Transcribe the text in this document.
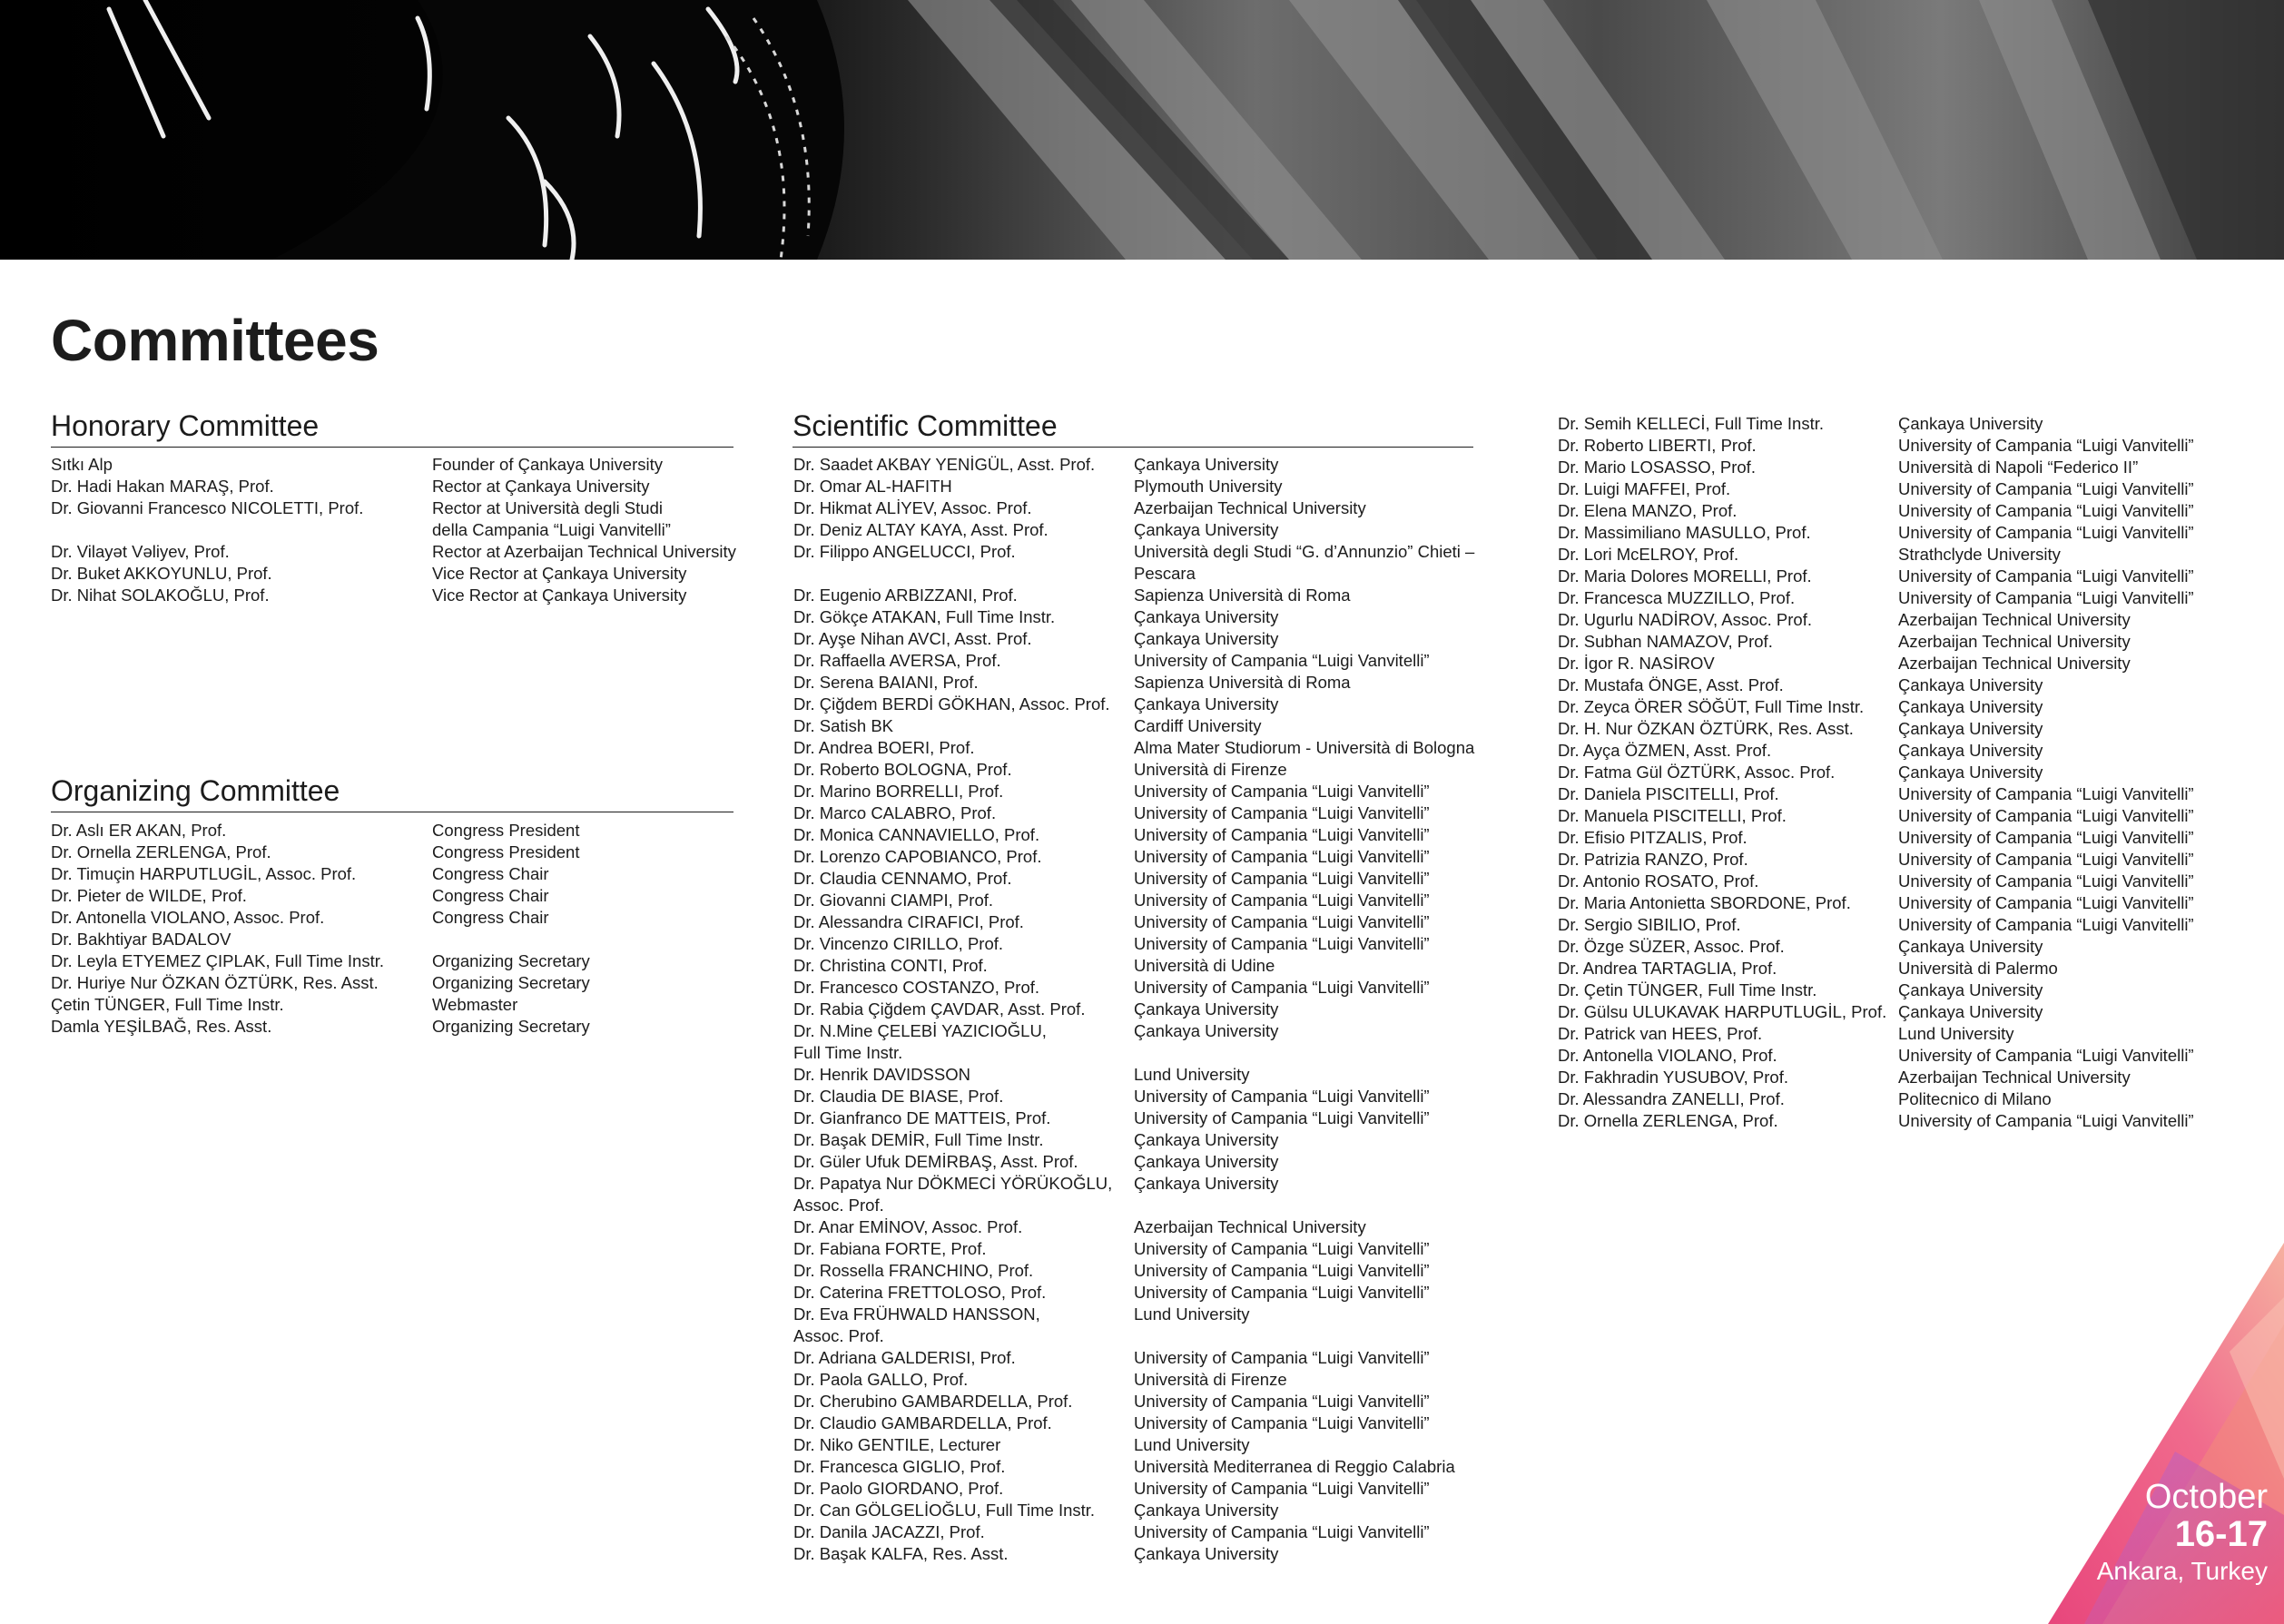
Committees
Honorary Committee
Sıtkı Alp	Founder of Çankaya University
Dr. Hadi Hakan MARAŞ, Prof.	Rector at Çankaya University
Dr. Giovanni Francesco NICOLETTI, Prof.	Rector at Università degli Studi
della Campania “Luigi Vanvitelli”
Dr. Vilayət Vəliyev, Prof.	Rector at Azerbaijan Technical University
Dr. Buket AKKOYUNLU, Prof.	Vice Rector at Çankaya University
Dr. Nihat SOLAKOĞLU, Prof.	Vice Rector at Çankaya University
Organizing Committee
Dr. Aslı ER AKAN, Prof.	Congress President
Dr. Ornella ZERLENGA, Prof.	Congress President
Dr. Timuçin HARPUTLUGİL, Assoc. Prof.	Congress Chair
Dr. Pieter de WILDE, Prof.	Congress Chair
Dr. Antonella VIOLANO, Assoc. Prof.	Congress Chair
Dr. Bakhtiyar BADALOV
Dr. Leyla ETYEMEZ ÇIPLAK, Full Time Instr.	Organizing Secretary
Dr. Huriye Nur ÖZKAN ÖZTÜRK, Res. Asst.	Organizing Secretary
Çetin TÜNGER, Full Time Instr.	Webmaster
Damla YEŞİLBAĞ, Res. Asst.	Organizing Secretary
Scientific Committee
Dr. Saadet AKBAY YENİGÜL, Asst. Prof.	Çankaya University
Dr. Omar AL-HAFITH	Plymouth University
Dr. Hikmat ALİYEV, Assoc. Prof.	Azerbaijan Technical University
Dr. Deniz ALTAY KAYA, Asst. Prof.	Çankaya University
Dr. Filippo ANGELUCCI, Prof.	Università degli Studi “G. d’Annunzio” Chieti –
Pescara
Dr. Eugenio ARBIZZANI, Prof.	Sapienza Università di Roma
Dr. Gökçe ATAKAN, Full Time Instr.	Çankaya University
Dr. Ayşe Nihan AVCI, Asst. Prof.	Çankaya University
Dr. Raffaella AVERSA, Prof.	University of Campania “Luigi Vanvitelli”
Dr. Serena BAIANI, Prof.	Sapienza Università di Roma
Dr. Çiğdem BERDİ GÖKHAN, Assoc. Prof.	Çankaya University
Dr. Satish BK	Cardiff University
Dr. Andrea BOERI, Prof.	Alma Mater Studiorum - Università di Bologna
Dr. Roberto BOLOGNA, Prof.	Università di Firenze
Dr. Marino BORRELLI, Prof.	University of Campania “Luigi Vanvitelli”
Dr. Marco CALABRO, Prof.	University of Campania “Luigi Vanvitelli”
Dr. Monica CANNAVIELLO, Prof.	University of Campania “Luigi Vanvitelli”
Dr. Lorenzo CAPOBIANCO, Prof.	University of Campania “Luigi Vanvitelli”
Dr. Claudia CENNAMO, Prof.	University of Campania “Luigi Vanvitelli”
Dr. Giovanni CIAMPI, Prof.	University of Campania “Luigi Vanvitelli”
Dr. Alessandra CIRAFICI, Prof.	University of Campania “Luigi Vanvitelli”
Dr. Vincenzo CIRILLO, Prof.	University of Campania “Luigi Vanvitelli”
Dr. Christina CONTI, Prof.	Università di Udine
Dr. Francesco COSTANZO, Prof.	University of Campania “Luigi Vanvitelli”
Dr. Rabia Çiğdem ÇAVDAR, Asst. Prof.	Çankaya University
Dr. N.Mine ÇELEBİ YAZICIOĞLU,	Çankaya University
Full Time Instr.
Dr. Henrik DAVIDSSON	Lund University
Dr. Claudia DE BIASE, Prof.	University of Campania “Luigi Vanvitelli”
Dr. Gianfranco DE MATTEIS, Prof.	University of Campania “Luigi Vanvitelli”
Dr. Başak DEMİR, Full Time Instr.	Çankaya University
Dr. Güler Ufuk DEMİRBAŞ, Asst. Prof.	Çankaya University
Dr. Papatya Nur DÖKMECİ YÖRÜKOĞLU,	Çankaya University
Assoc. Prof.
Dr. Anar EMİNOV, Assoc. Prof.	Azerbaijan Technical University
Dr. Fabiana FORTE, Prof.	University of Campania “Luigi Vanvitelli”
Dr. Rossella FRANCHINO, Prof.	University of Campania “Luigi Vanvitelli”
Dr. Caterina FRETTOLOSO, Prof.	University of Campania “Luigi Vanvitelli”
Dr. Eva FRÜHWALD HANSSON,	Lund University
Assoc. Prof.
Dr. Adriana GALDERISI, Prof.	University of Campania “Luigi Vanvitelli”
Dr. Paola GALLO, Prof.	Università di Firenze
Dr. Cherubino GAMBARDELLA, Prof.	University of Campania “Luigi Vanvitelli”
Dr. Claudio GAMBARDELLA, Prof.	University of Campania “Luigi Vanvitelli”
Dr. Niko GENTILE, Lecturer	Lund University
Dr. Francesca GIGLIO, Prof.	Università Mediterranea di Reggio Calabria
Dr. Paolo GIORDANO, Prof.	University of Campania “Luigi Vanvitelli”
Dr. Can GÖLGELİOĞLU, Full Time Instr.	Çankaya University
Dr. Danila JACAZZI, Prof.	University of Campania “Luigi Vanvitelli”
Dr. Başak KALFA, Res. Asst.	Çankaya University
Dr. Semih KELLECİ, Full Time Instr.	Çankaya University
Dr. Roberto LIBERTI, Prof.	University of Campania “Luigi Vanvitelli”
Dr. Mario LOSASSO, Prof.	Università di Napoli “Federico II”
Dr. Luigi MAFFEI, Prof.	University of Campania “Luigi Vanvitelli”
Dr. Elena MANZO, Prof.	University of Campania “Luigi Vanvitelli”
Dr. Massimiliano MASULLO, Prof.	University of Campania “Luigi Vanvitelli”
Dr. Lori McELROY, Prof.	Strathclyde University
Dr. Maria Dolores MORELLI, Prof.	University of Campania “Luigi Vanvitelli”
Dr. Francesca MUZZILLO, Prof.	University of Campania “Luigi Vanvitelli”
Dr. Ugurlu NADİROV, Assoc. Prof.	Azerbaijan Technical University
Dr. Subhan NAMAZOV, Prof.	Azerbaijan Technical University
Dr. İgor R. NASİROV	Azerbaijan Technical University
Dr. Mustafa ÖNGE, Asst. Prof.	Çankaya University
Dr. Zeyca ÖRER SÖĞÜT, Full Time Instr.	Çankaya University
Dr. H. Nur ÖZKAN ÖZTÜRK, Res. Asst.	Çankaya University
Dr. Ayça ÖZMEN, Asst. Prof.	Çankaya University
Dr. Fatma Gül ÖZTÜRK, Assoc. Prof.	Çankaya University
Dr. Daniela PISCITELLI, Prof.	University of Campania “Luigi Vanvitelli”
Dr. Manuela PISCITELLI, Prof.	University of Campania “Luigi Vanvitelli”
Dr. Efisio PITZALIS, Prof.	University of Campania “Luigi Vanvitelli”
Dr. Patrizia RANZO, Prof.	University of Campania “Luigi Vanvitelli”
Dr. Antonio ROSATO, Prof.	University of Campania “Luigi Vanvitelli”
Dr. Maria Antonietta SBORDONE, Prof.	University of Campania “Luigi Vanvitelli”
Dr. Sergio SIBILIO, Prof.	University of Campania “Luigi Vanvitelli”
Dr. Özge SÜZER, Assoc. Prof.	Çankaya University
Dr. Andrea TARTAGLIA, Prof.	Università di Palermo
Dr. Çetin TÜNGER, Full Time Instr.	Çankaya University
Dr. Gülsu ULUKAVAK HARPUTLUGİL, Prof. Çankaya University
Dr. Patrick van HEES, Prof.	Lund University
Dr. Antonella VIOLANO, Prof.	University of Campania “Luigi Vanvitelli”
Dr. Fakhradin YUSUBOV, Prof.	Azerbaijan Technical University
Dr. Alessandra ZANELLI, Prof.	Politecnico di Milano
Dr. Ornella ZERLENGA, Prof.	University of Campania “Luigi Vanvitelli”
October
16-17
Ankara, Turkey
